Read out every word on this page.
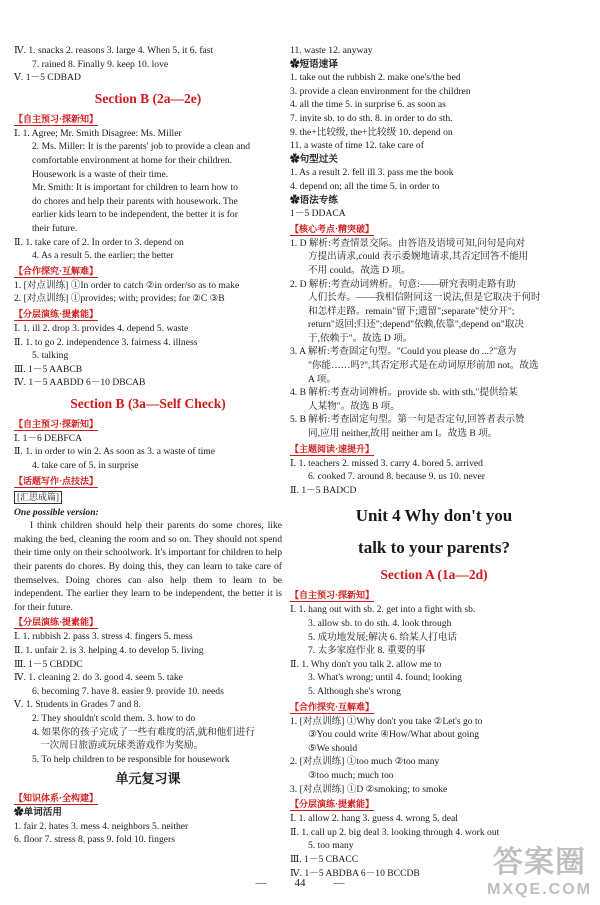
Ⅳ. 1. snacks 2. reasons 3. large 4. When 5. it 6. fast
7. rained 8. Finally 9. keep 10. love
Ⅴ. 1－5 CDBAD
Section B (2a—2e)
【自主预习·探新知】
Ⅰ. 1. Agree; Mr. Smith Disagree: Ms. Miller
2. Ms. Miller: It is the parents' job to provide a clean and
comfortable environment at home for their children.
Housework is a waste of their time.
Mr. Smith: It is important for children to learn how to
do chores and help their parents with housework. The
earlier kids learn to be independent, the better it is for
their future.
Ⅱ. 1. take care of 2. In order to 3. depend on
4. As a result 5. the earlier; the better
【合作探究·互解难】
1. [对点训练] ①In order to catch ②in order/so as to make
2. [对点训练] ①provides; with; provides; for ②C ③B
【分层演练·提素能】
Ⅰ. 1. ill 2. drop 3. provides 4. depend 5. waste
Ⅱ. 1. to go 2. independence 3. fairness 4. illness
5. talking
Ⅲ. 1－5 AABCB
Ⅳ. 1－5 AABDD 6－10 DBCAB
Section B (3a—Self Check)
【自主预习·探新知】
Ⅰ. 1－6 DEBFCA
Ⅱ. 1. in order to win 2. As soon as 3. a waste of time
4. take care of 5. in surprise
【话题写作·点技法】
[汇思成篇]
One possible version:
I think children should help their parents do some chores, like making the bed, cleaning the room and so on. They should not spend their time only on their schoolwork. It's important for children to help their parents do chores. By doing this, they can learn to take care of themselves. Doing chores can also help them to learn to be independent. The earlier they learn to be independent, the better it is for their future.
【分层演练·提素能】
Ⅰ. 1. rubbish 2. pass 3. stress 4. fingers 5. mess
Ⅱ. 1. unfair 2. is 3. helping 4. to develop 5. living
Ⅲ. 1－5 CBDDC
Ⅳ. 1. cleaning 2. do 3. good 4. seem 5. take
6. becoming 7. have 8. easier 9. provide 10. needs
Ⅴ. 1. Students in Grades 7 and 8.
2. They shouldn't scold them. 3. how to do
4. 如果你的孩子完成了一些有难度的活,就和他们进行
一次周日旅游或玩球类游戏作为奖励。
5. To help children to be responsible for housework
单元复习课
【知识体系·全构建】
✿单词活用
1. fair 2. hates 3. mess 4. neighbors 5. neither
6. floor 7. stress 8. pass 9. fold 10. fingers
11. waste 12. anyway
✿短语速译
1. take out the rubbish 2. make one's/the bed
3. provide a clean environment for the children
4. all the time 5. in surprise 6. as soon as
7. invite sb. to do sth. 8. in order to do sth.
9. the+比较级, the+比较级 10. depend on
11. a waste of time 12. take care of
✿句型过关
1. As a result 2. fell ill 3. pass me the book
4. depend on; all the time 5. in order to
✿语法专练
1－5 DDACA
【核心考点·精突破】
1. D 解析:考查情景交际。由答语及语境可知,问句是向对
方提出请求,could 表示委婉地请求,其否定回答不能用
不用 could。故选 D 项。
2. D 解析:考查动词辨析。句意:——研究表明走路有助
人们长寿。——我相信附同这一说法,但是它取决于何时
和怎样走路。remain"留下;遗留";separate"使分开";
return"返回;归还";depend"依赖,依靠",depend on"取决
于,依赖于"。故选 D 项。
3. A 解析:考查固定句型。"Could you please do ...?"意为
"你能……吗?",其否定形式是在动词原形前加 not。故选
A 项。
4. B 解析:考查动词辨析。provide sb. with sth."提供给某
人某物"。故选 B 项。
5. B 解析:考查固定句型。第一句是否定句,回答者表示赞
同,应用 neither,故用 neither am I。故选 B 项。
【主题阅读·速提升】
Ⅰ. 1. teachers 2. missed 3. carry 4. bored 5. arrived
6. cooked 7. around 8. because 9. us 10. never
Ⅱ. 1－5 BADCD
Unit 4 Why don't you
talk to your parents?
Section A (1a—2d)
【自主预习·探新知】
Ⅰ. 1. hang out with sb. 2. get into a fight with sb.
3. allow sb. to do sth. 4. look through
5. 成功地发展;解决 6. 给某人打电话
7. 太多家庭作业 8. 重要的事
Ⅱ. 1. Why don't you talk 2. allow me to
3. What's wrong; until 4. found; looking
5. Although she's wrong
【合作探究·互解难】
1. [对点训练] ①Why don't you take ②Let's go to
③You could write ④How/What about going
⑤We should
2. [对点训练] ①too much ②too many
③too much; much too
3. [对点训练] ①D ②smoking; to smoke
【分层演练·提素能】
Ⅰ. 1. allow 2. hang 3. guess 4. wrong 5. deal
Ⅱ. 1. call up 2. big deal 3. looking through 4. work out
5. too many
Ⅲ. 1－5 CBACC
Ⅳ. 1－5 ABDBA 6－10 BCCDB
—	44	—
答案圈
MXQE.COM
